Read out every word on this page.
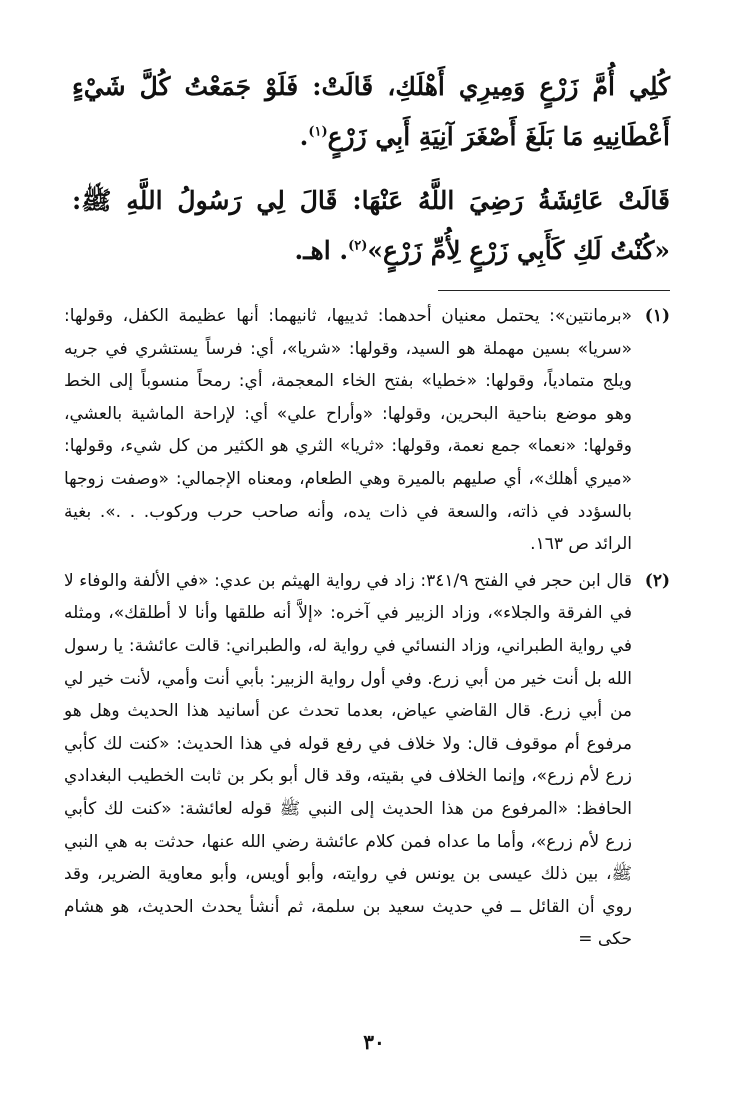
كُلِي أُمَّ زَرْعٍ وَمِيرِي أَهْلَكِ، قَالَتْ: فَلَوْ جَمَعْتُ كُلَّ شَيْءٍ أَعْطَانِيهِ مَا بَلَغَ أَصْغَرَ آنِيَةِ أَبِي زَرْعٍ$^{(١)}$.

قَالَتْ عَائِشَةُ رَضِيَ اللَّهُ عَنْهَا: قَالَ لِي رَسُولُ اللَّهِ ﷺ: «كُنْتُ لَكِ كَأَبِي زَرْعٍ لِأُمِّ زَرْعٍ»$^{(٢)}$. اهـ.

(١)
«برمانتين»: يحتمل معنيان أحدهما: ثدييها، ثانيهما: أنها عظيمة الكفل، وقولها: «سريا» بسين مهملة هو السيد، وقولها: «شريا»، أي: فرساً يستشري في جريه ويلج متمادياً، وقولها: «خطيا» بفتح الخاء المعجمة، أي: رمحاً منسوباً إلى الخط وهو موضع بناحية البحرين، وقولها: «وأراح علي» أي: لإراحة الماشية بالعشي، وقولها: «نعما» جمع نعمة، وقولها: «ثريا» الثري هو الكثير من كل شيء، وقولها: «ميري أهلك»، أي صليهم بالميرة وهي الطعام، ومعناه الإجمالي: «وصفت زوجها بالسؤدد في ذاته، والسعة في ذات يده، وأنه صاحب حرب وركوب. . .». بغية الرائد ص ١٦٣.
(٢)
قال ابن حجر في الفتح ٣٤١/٩: زاد في رواية الهيثم بن عدي: «في الألفة والوفاء لا في الفرقة والجلاء»، وزاد الزبير في آخره: «إلاَّ أنه طلقها وأنا لا أطلقك»، ومثله في رواية الطبراني، وزاد النسائي في رواية له، والطبراني: قالت عائشة: يا رسول الله بل أنت خير من أبي زرع. وفي أول رواية الزبير: بأبي أنت وأمي، لأنت خير لي من أبي زرع. قال القاضي عياض، بعدما تحدث عن أسانيد هذا الحديث وهل هو مرفوع أم موقوف قال: ولا خلاف في رفع قوله في هذا الحديث: «كنت لك كأبي زرع لأم زرع»، وإنما الخلاف في بقيته، وقد قال أبو بكر بن ثابت الخطيب البغدادي الحافظ: «المرفوع من هذا الحديث إلى النبي ﷺ قوله لعائشة: «كنت لك كأبي زرع لأم زرع»، وأما ما عداه فمن كلام عائشة رضي الله عنها، حدثت به هي النبي ﷺ، بين ذلك عيسى بن يونس في روايته، وأبو أويس، وأبو معاوية الضرير، وقد روي أن القائل ــ في حديث سعيد بن سلمة، ثم أنشأ يحدث الحديث، هو هشام حكى =
٣٠
